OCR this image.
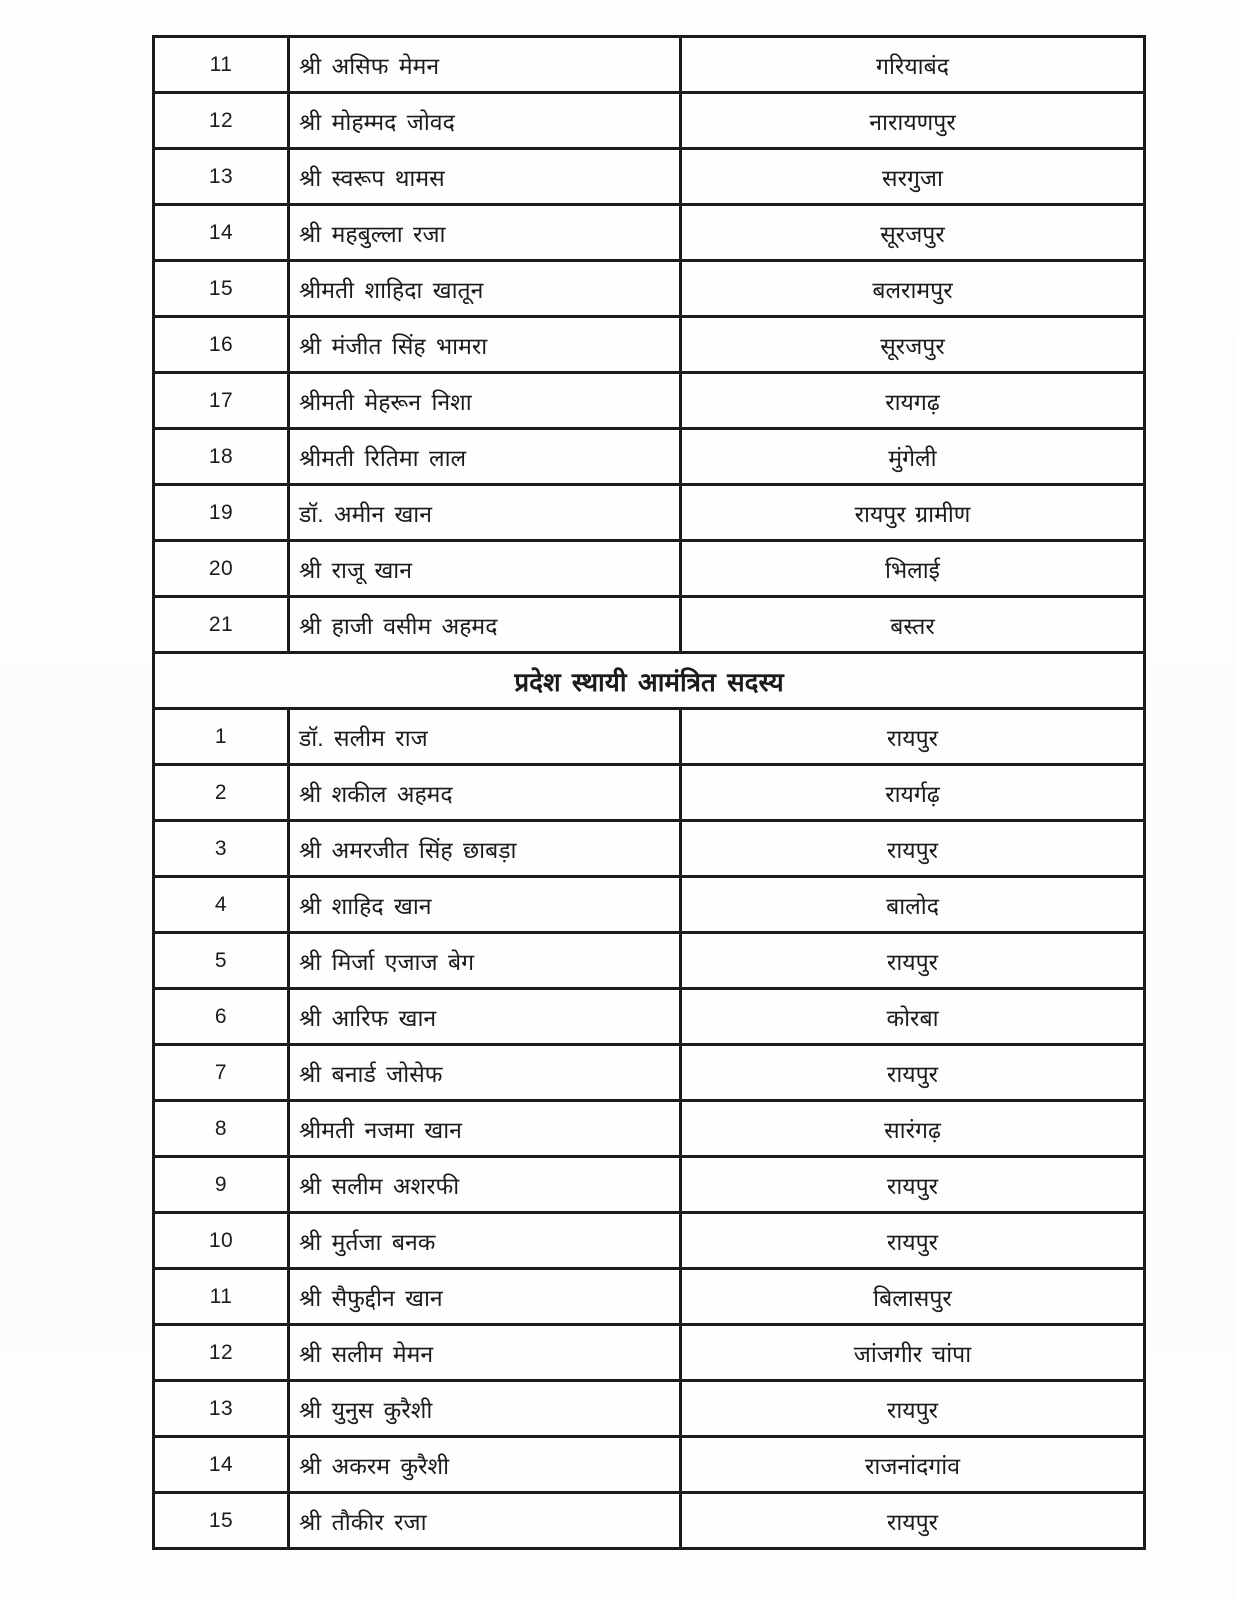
11	श्री असिफ मेमन	गरियाबंद
12	श्री मोहम्मद जोवद	नारायणपुर
13	श्री स्वरूप थामस	सरगुजा
14	श्री महबुल्ला रजा	सूरजपुर
15	श्रीमती शाहिदा खातून	बलरामपुर
16	श्री मंजीत सिंह भामरा	सूरजपुर
17	श्रीमती मेहरून निशा	रायगढ़
18	श्रीमती रितिमा लाल	मुंगेली
19	डॉ. अमीन खान	रायपुर ग्रामीण
20	श्री राजू खान	भिलाई
21	श्री हाजी वसीम अहमद	बस्तर
प्रदेश स्थायी आमंत्रित सदस्य		
1	डॉ. सलीम राज	रायपुर
2	श्री शकील अहमद	रायर्गढ़
3	श्री अमरजीत सिंह छाबड़ा	रायपुर
4	श्री शाहिद खान	बालोद
5	श्री मिर्जा एजाज बेग	रायपुर
6	श्री आरिफ खान	कोरबा
7	श्री बनार्ड जोसेफ	रायपुर
8	श्रीमती नजमा खान	सारंगढ़
9	श्री सलीम अशरफी	रायपुर
10	श्री मुर्तजा बनक	रायपुर
11	श्री सैफुद्दीन खान	बिलासपुर
12	श्री सलीम मेमन	जांजगीर चांपा
13	श्री युनुस कुरैशी	रायपुर
14	श्री अकरम कुरैशी	राजनांदगांव
15	श्री तौकीर रजा	रायपुर
